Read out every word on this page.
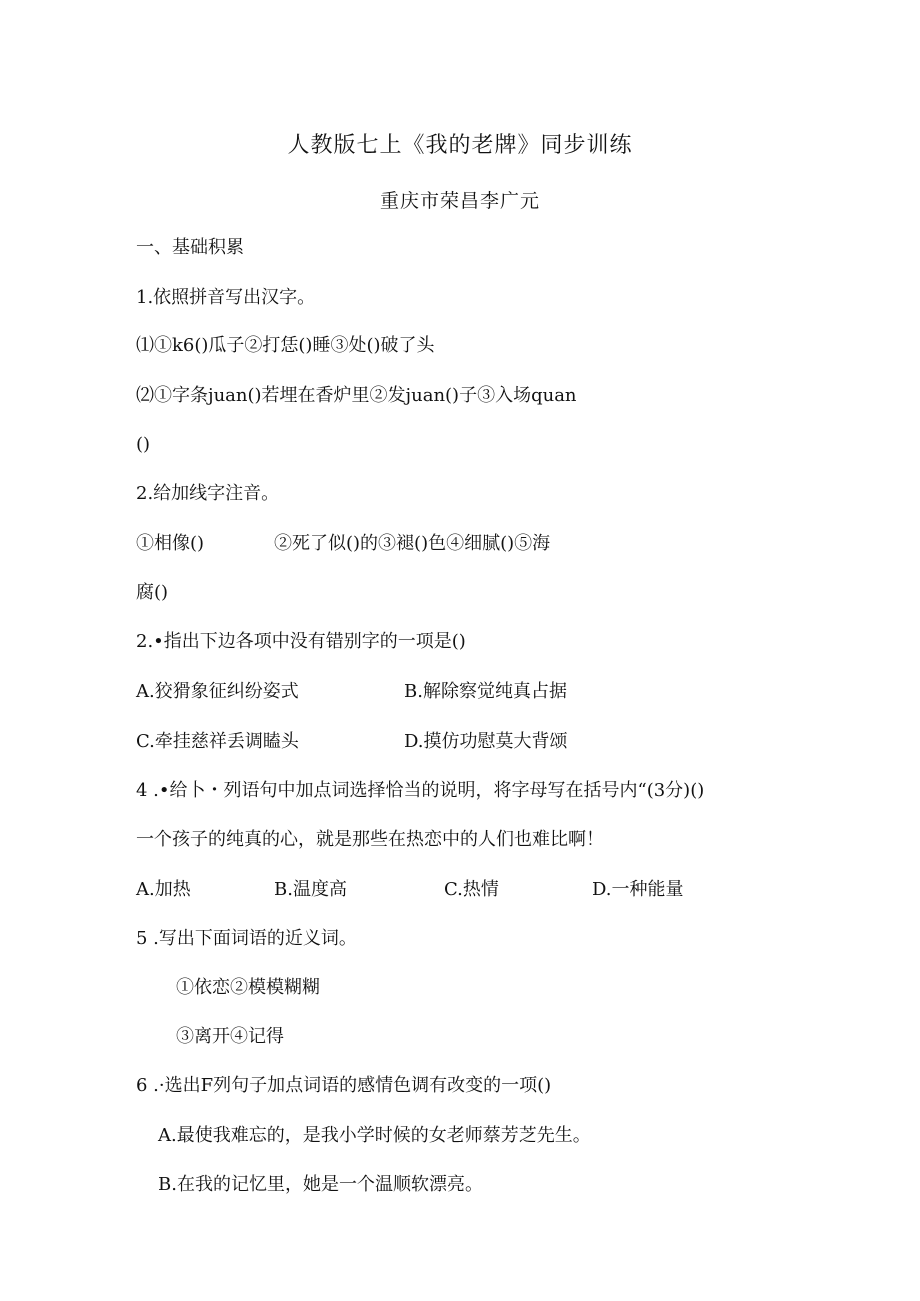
人教版七上《我的老牌》同步训练
重庆市荣昌李广元
一、基础积累
1.依照拼音写出汉字。
⑴①k6()瓜子②打恁()睡③处()破了头
⑵①字条juan()若埋在香炉里②发juan()子③入场quan
()
2.给加线字注音。
①相像()	②死了似()的③褪()色④细腻()⑤海
腐()
2.•指出下边各项中没有错别字的一项是()
A.狡猾象征纠纷姿式	B.解除察觉纯真占据
C.牵挂慈祥丢调瞌头	D.摸仿功慰莫大背颂
4 .•给卜・列语句中加点词选择恰当的说明，将字母写在括号内“(3分)()
一个孩子的纯真的心，就是那些在热恋中的人们也难比啊！
A.加热	B.温度高	C.热情	D.一种能量
5 .写出下面词语的近义词。
①依恋②模模糊糊
③离开④记得
6 .·选出F列句子加点词语的感情色调有改变的一项()
A.最使我难忘的，是我小学时候的女老师蔡芳芝先生。
B.在我的记忆里，她是一个温顺软漂亮。
